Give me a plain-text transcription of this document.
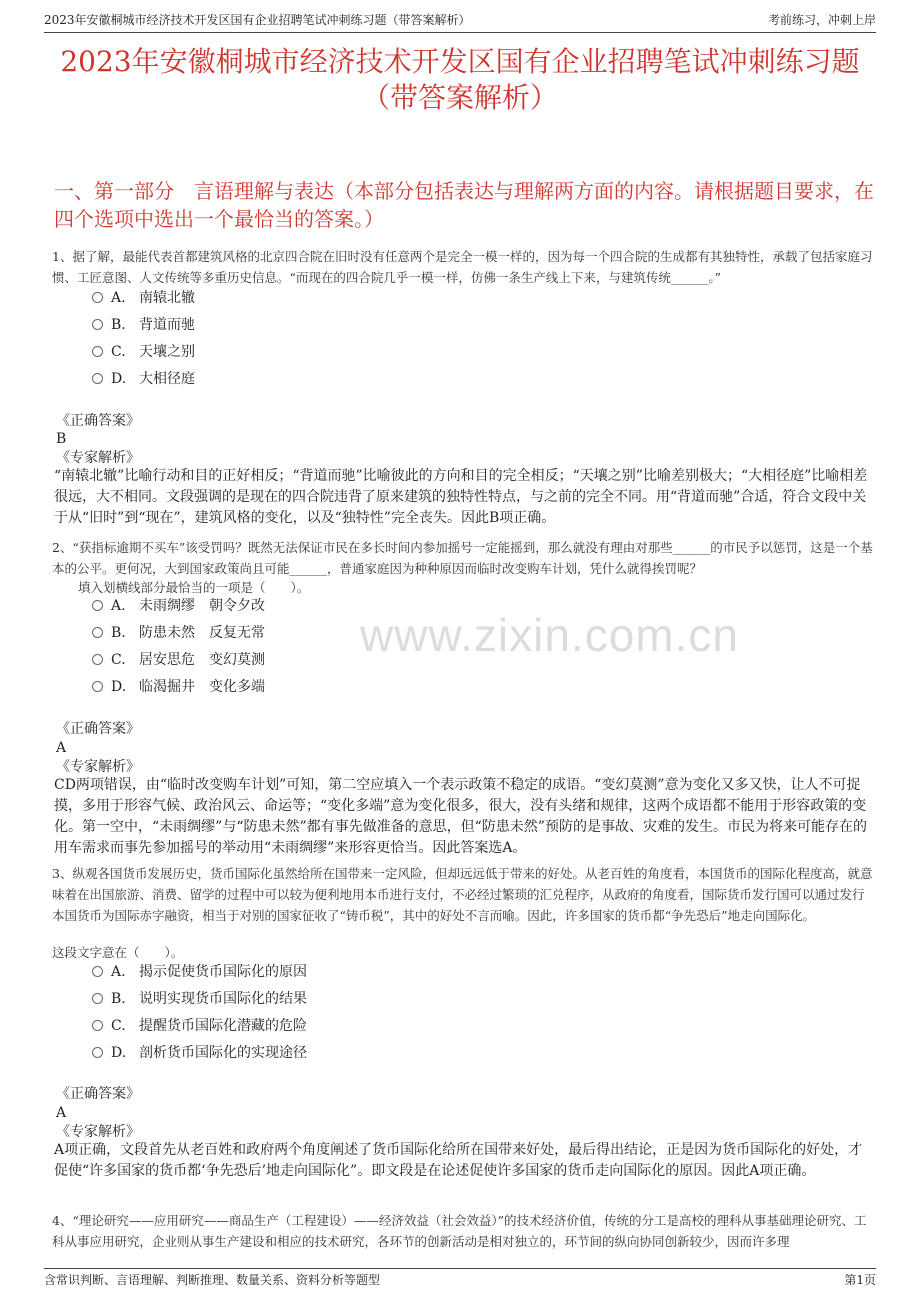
2023年安徽桐城市经济技术开发区国有企业招聘笔试冲刺练习题（带答案解析）	考前练习，冲刺上岸
2023年安徽桐城市经济技术开发区国有企业招聘笔试冲刺练习题（带答案解析）
一、第一部分　言语理解与表达（本部分包括表达与理解两方面的内容。请根据题目要求，在四个选项中选出一个最恰当的答案。）
1、据了解，最能代表首都建筑风格的北京四合院在旧时没有任意两个是完全一模一样的，因为每一个四合院的生成都有其独特性，承载了包括家庭习惯、工匠意图、人文传统等多重历史信息。“而现在的四合院几乎一模一样，仿佛一条生产线上下来，与建筑传统______。”
A. 南辕北辙
B. 背道而驰
C. 天壤之别
D. 大相径庭
《正确答案》
B
《专家解析》
“南辕北辙”比喻行动和目的正好相反；“背道而驰”比喻彼此的方向和目的完全相反；“天壤之别”比喻差别极大；“大相径庭”比喻相差很远，大不相同。文段强调的是现在的四合院违背了原来建筑的独特性特点，与之前的完全不同。用“背道而驰”合适，符合文段中关于从“旧时”到“现在”，建筑风格的变化，以及“独特性”完全丧失。因此B项正确。
2、“获指标逾期不买车”该受罚吗？既然无法保证市民在多长时间内参加摇号一定能摇到，那么就没有理由对那些______的市民予以惩罚，这是一个基本的公平。更何况，大到国家政策尚且可能______，普通家庭因为种种原因而临时改变购车计划，凭什么就得挨罚呢？
填入划横线部分最恰当的一项是（　　）。
A. 未雨绸缪　朝令夕改
B. 防患未然　反复无常
C. 居安思危　变幻莫测
D. 临渴掘井　变化多端
《正确答案》
A
《专家解析》
CD两项错误，由“临时改变购车计划”可知，第二空应填入一个表示政策不稳定的成语。“变幻莫测”意为变化又多又快，让人不可捉摸，多用于形容气候、政治风云、命运等；“变化多端”意为变化很多，很大，没有头绪和规律，这两个成语都不能用于形容政策的变化。第一空中，“未雨绸缪”与“防患未然”都有事先做准备的意思，但“防患未然”预防的是事故、灾难的发生。市民为将来可能存在的用车需求而事先参加摇号的举动用“未雨绸缪”来形容更恰当。因此答案选A。
3、纵观各国货币发展历史，货币国际化虽然给所在国带来一定风险，但却远远低于带来的好处。从老百姓的角度看，本国货币的国际化程度高，就意味着在出国旅游、消费、留学的过程中可以较为便利地用本币进行支付，不必经过繁琐的汇兑程序，从政府的角度看，国际货币发行国可以通过发行本国货币为国际赤字融资，相当于对别的国家征收了“铸币税”，其中的好处不言而喻。因此，许多国家的货币都“争先恐后”地走向国际化。
这段文字意在（　　）。
A. 揭示促使货币国际化的原因
B. 说明实现货币国际化的结果
C. 提醒货币国际化潜藏的危险
D. 剖析货币国际化的实现途径
《正确答案》
A
《专家解析》
A项正确，文段首先从老百姓和政府两个角度阐述了货币国际化给所在国带来好处，最后得出结论，正是因为货币国际化的好处，才促使“许多国家的货币都‘争先恐后’地走向国际化”。即文段是在论述促使许多国家的货币走向国际化的原因。因此A项正确。
4、“理论研究——应用研究——商品生产（工程建设）——经济效益（社会效益）”的技术经济价值，传统的分工是高校的理科从事基础理论研究、工科从事应用研究，企业则从事生产建设和相应的技术研究，各环节的创新活动是相对独立的，环节间的纵向协同创新较少，因而许多理
www.zixin.com.cn
含常识判断、言语理解、判断推理、数量关系、资料分析等题型	第1页
